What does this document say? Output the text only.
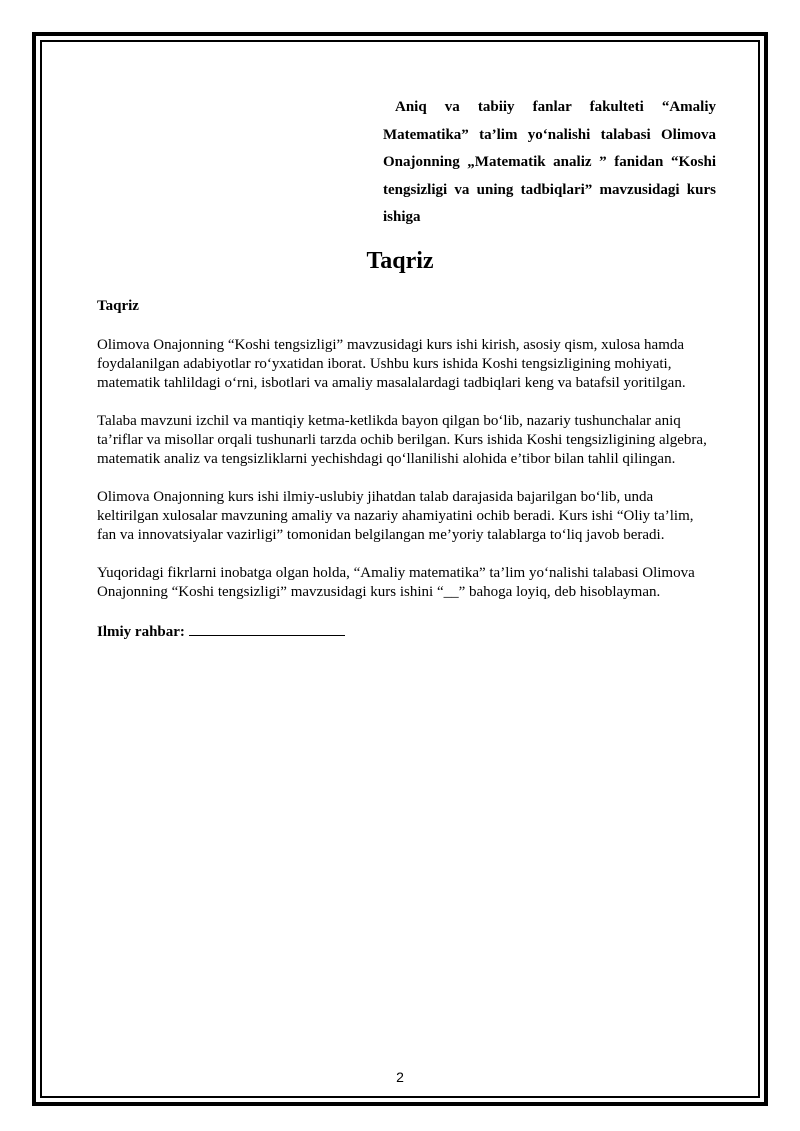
Aniq va tabiiy fanlar fakulteti “Amaliy Matematika” ta’lim yo‘nalishi talabasi Olimova Onajonning „Matematik analiz ” fanidan “Koshi tengsizligi va uning tadbiqlari” mavzusidagi kurs ishiga

Taqriz
Taqriz

Olimova Onajonning “Koshi tengsizligi” mavzusidagi kurs ishi kirish, asosiy qism, xulosa hamda foydalanilgan adabiyotlar ro‘yxatidan iborat. Ushbu kurs ishida Koshi tengsizligining mohiyati, matematik tahlildagi o‘rni, isbotlari va amaliy masalalardagi tadbiqlari keng va batafsil yoritilgan.

Talaba mavzuni izchil va mantiqiy ketma-ketlikda bayon qilgan bo‘lib, nazariy tushunchalar aniq ta’riflar va misollar orqali tushunarli tarzda ochib berilgan. Kurs ishida Koshi tengsizligining algebra, matematik analiz va tengsizliklarni yechishdagi qo‘llanilishi alohida e’tibor bilan tahlil qilingan.

Olimova Onajonning kurs ishi ilmiy-uslubiy jihatdan talab darajasida bajarilgan bo‘lib, unda keltirilgan xulosalar mavzuning amaliy va nazariy ahamiyatini ochib beradi. Kurs ishi “Oliy ta’lim, fan va innovatsiyalar vazirligi” tomonidan belgilangan me’yoriy talablarga to‘liq javob beradi.

Yuqoridagi fikrlarni inobatga olgan holda, “Amaliy matematika” ta’lim yo‘nalishi talabasi Olimova Onajonning “Koshi tengsizligi” mavzusidagi kurs ishini “__” bahoga loyiq, deb hisoblayman.

Ilmiy rahbar:

2
